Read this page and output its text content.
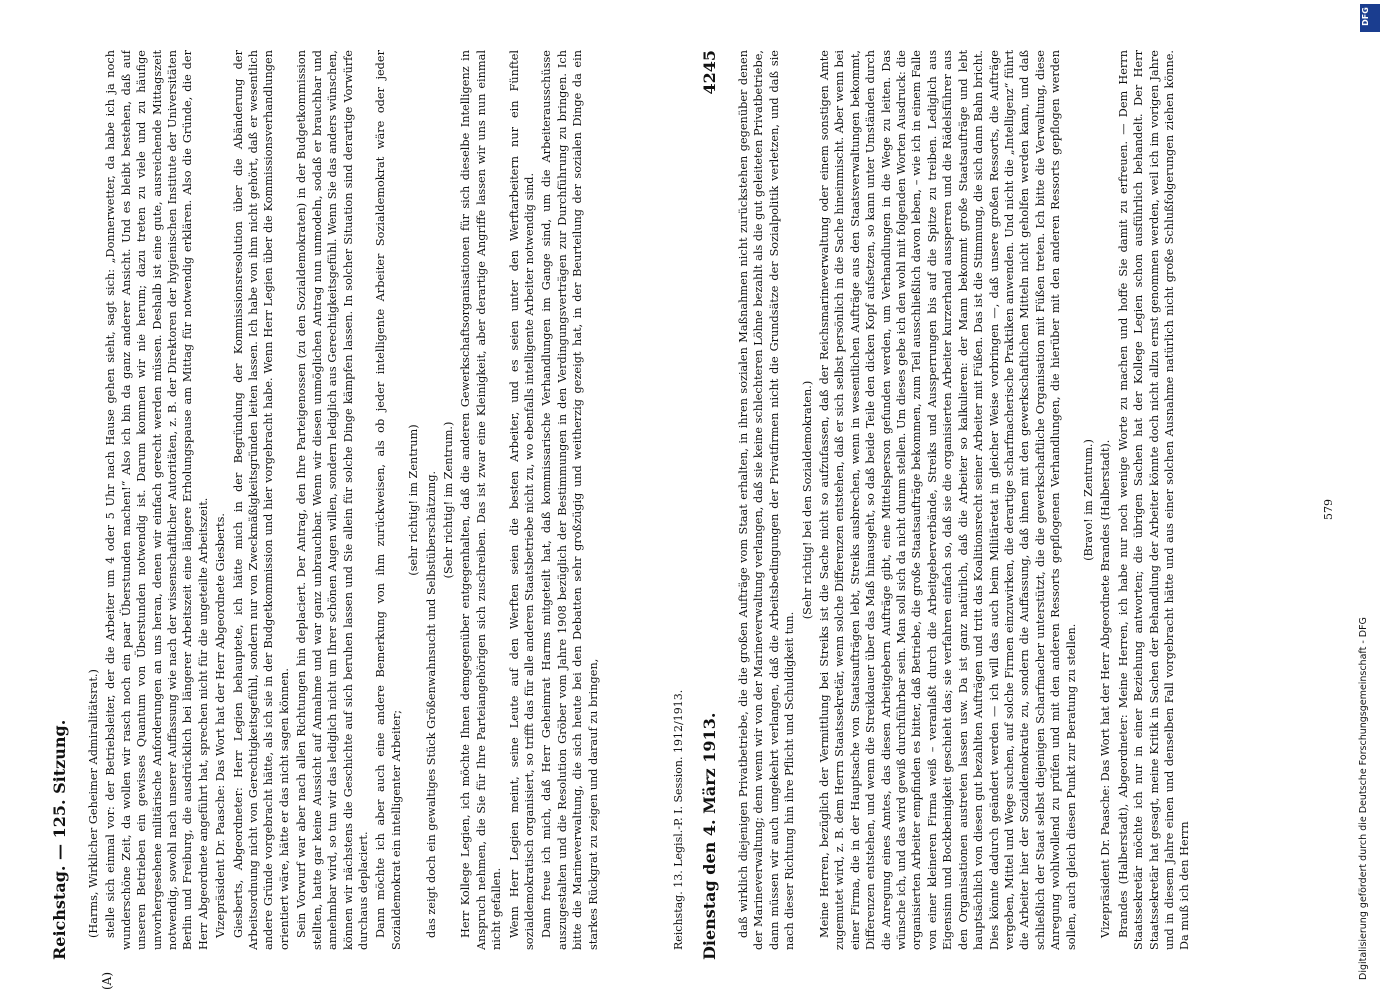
Reichstag. — 125. Sitzung. (Harms, Wirklicher Geheimer Admiralitätsrat.) stelle sich einmal vor: der Betriebsleiter, der die Arbeiter um 4 oder 5 Uhr nach Hause gehen sieht, sagt sich: „Donnerwetter, da habe ich ja noch wunderschöne Zeit, da wollen wir rasch noch ein paar Überstunden machen!“ Also ich bin da ganz anderer Ansicht. Und es bleibt bestehen, daß auf unseren Betrieben ein gewisses Quantum von Überstunden notwendig ist. Darum kommen wir nie herum; dazu treten zu viele und zu häufige unvorhergesehene militärische Anforderungen an uns heran, denen wir einfach gerecht werden müssen. Deshalb ist eine gute, ausreichende Mittagszeit notwendig, sowohl nach unserer Auffassung wie nach der wissenschaftlicher Autoritäten, z. B. der Direktoren der hygienischen Institute der Universitäten Berlin und Freiburg, die ausdrücklich bei längerer Arbeitszeit eine längere Erholungspause am Mittag für notwendig erklären. Also die Gründe, die der Herr Abgeordnete angeführt hat, sprechen nicht für die ungeteilte Arbeitszeit. Vizepräsident Dr. Paasche: Das Wort hat der Herr Abgeordnete Giesberts. Giesberts, Abgeordneter: Herr Legien behauptete, ich hätte mich in der Begründung der Kommissionsresolution über die Abänderung der Arbeitsordnung nicht von Gerechtigkeitsgefühl, sondern nur von Zweckmäßigkeitsgründen leiten lassen. Ich habe von ihm nicht gehört, daß er wesentlich andere Gründe vorgebracht hätte, als ich sie in der Budgetkommission und hier vorgebracht habe. Wenn Herr Legien über die Kommissionsverhandlungen orientiert wäre, hätte er das nicht sagen können. Sein Vorwurf war aber nach allen Richtungen hin deplaciert. Der Antrag, den Ihre Parteigenossen (zu den Sozialdemokraten) in der Budgetkommission stellten, hatte gar keine Aussicht auf Annahme und war ganz unbrauchbar. Wenn wir diesen unmöglichen Antrag nun unmodeln, sodaß er brauchbar und annehmbar wird, so tun wir das lediglich nicht um Ihrer schönen Augen willen, sondern lediglich aus Gerechtigkeitsgefühl. Wenn Sie das anders wünschen, können wir nächstens die Geschichte auf sich beruhen lassen und Sie allein für solche Dinge kämpfen lassen. In solcher Situation sind derartige Vorwürfe durchaus deplaciert. Dann möchte ich aber auch eine andere Bemerkung von ihm zurückweisen, als ob jeder intelligente Arbeiter Sozialdemokrat wäre oder jeder Sozialdemokrat ein intelligenter Arbeiter;

(sehr richtig! im Zentrum) das zeigt doch ein gewaltiges Stück Größenwahnsucht und Selbstüberschätzung. (Sehr richtig! im Zentrum.) Herr Kollege Legien, ich möchte Ihnen demgegenüber entgegenhalten, daß die anderen Gewerkschaftsorganisationen für sich dieselbe Intelligenz in Anspruch nehmen, die Sie für Ihre Parteiangehörigen sich zuschreiben. Das ist zwar eine Kleinigkeit, aber derartige Angriffe lassen wir uns nun einmal nicht gefallen. Wenn Herr Legien meint, seine Leute auf den Werften seien die besten Arbeiter, und es seien unter den Werftarbeitern nur ein Fünftel sozialdemokratisch organisiert, so trifft das für alle anderen Staatsbetriebe nicht zu, wo ebenfalls intelligente Arbeiter notwendig sind. Dann freue ich mich, daß Herr Geheimrat Harms mitgeteilt hat, daß kommissarische Verhandlungen im Gange sind, um die Arbeiterausschüsse auszugestalten und die Resolution Gröber vom Jahre 1908 bezüglich der Bestimmungen in den Verdingungsverträgen zur Durchführung zu bringen. Ich bitte die Marineverwaltung, die sich heute bei den Debatten sehr großzügig und weitherzig gezeigt hat, in der Beurteilung der sozialen Dinge da ein starkes Rückgrat zu zeigen und darauf zu bringen,

(A)
Reichstag. 13. Legisl.-P. I. Session. 1912/1913. Dienstag den 4. März 1913.
4245 daß wirklich diejenigen Privatbetriebe, die die großen Aufträge vom Staat erhalten, in ihren sozialen Maßnahmen nicht zurückstehen gegenüber denen der Marineverwaltung; denn wenn wir von der Marineverwaltung verlangen, daß sie keine schlechteren Löhne bezahlt als die gut geleiteten Privatbetriebe, dann müssen wir auch umgekehrt verlangen, daß die Arbeitsbedingungen der Privatfirmen nicht die Grundsätze der Sozialpolitik verletzen, und daß sie nach dieser Richtung hin ihre Pflicht und Schuldigkeit tun.

(Sehr richtig! bei den Sozialdemokraten.) Meine Herren, bezüglich der Vermittlung bei Streiks ist die Sache nicht so aufzufassen, daß der Reichsmarineverwaltung oder einem sonstigen Amte zugemutet wird, z. B. dem Herrn Staatssekretär, wenn solche Differenzen entstehen, daß er sich selbst persönlich in die Sache hineinmischt. Aber wenn bei einer Firma, die in der Hauptsache von Staatsaufträgen lebt, Streiks ausbrechen, wenn in wesentlichen Aufträge aus den Staatsverwaltungen bekommt, Differenzen entstehen, und wenn die Streikdauer über das Maß hinausgeht, so daß beide Teile den dicken Kopf aufsetzen, so kann unter Umständen durch die Anregung eines Amtes, das diesen Arbeitgebern Aufträge gibt, eine Mittelsperson gefunden werden, um Verhandlungen in die Wege zu leiten. Das wünsche ich, und das wird gewiß durchführbar sein. Man soll sich da nicht dumm stellen. Um dieses gebe ich den wohl mit folgenden Worten Ausdruck: die organisierten Arbeiter empfinden es bitter, daß Betriebe, die große Staatsaufträge bekommen, zum Teil ausschließlich davon leben, – wie ich in einem Falle von einer kleineren Firma weiß – veranlaßt durch die Arbeitgeberverbände, Streiks und Aussperrungen bis auf die Spitze zu treiben. Lediglich aus Eigensinn und Bockbeinigkeit geschieht das; sie verfahren einfach so, daß sie die organisierten Arbeiter kurzerhand aussperren und die Rädelsführer aus den Organisationen austreten lassen usw. Da ist ganz natürlich, daß die Arbeiter so kalkulieren: der Mann bekommt große Staatsaufträge und lebt hauptsächlich von diesen gut bezahlten Aufträgen und tritt das Koalitionsrecht seiner Arbeiter mit Füßen. Das ist die Stimmung, die sich dann Bahn bricht. Dies könnte dadurch geändert werden — ich will das auch beim Militäretat in gleicher Weise vorbringen —, daß unsere großen Ressorts, die Aufträge vergeben, Mittel und Wege suchen, auf solche Firmen einzuwirken, die derartige scharfmacherische Praktiken anwenden. Und nicht die „Intelligenz“ führt die Arbeiter hier der Sozialdemokratie zu, sondern die Auffassung, daß ihnen mit den gewerkschaftlichen Mitteln nicht geholfen werden kann, und daß schließlich der Staat selbst diejenigen Scharfmacher unterstützt, die die gewerkschaftliche Organisation mit Füßen treten. Ich bitte die Verwaltung, diese Anregung wohlwollend zu prüfen und mit den anderen Ressorts gepflogenen Verhandlungen, die hierüber mit den anderen Ressorts gepflogen werden sollen, auch gleich diesen Punkt zur Beratung zu stellen.

(Bravo! im Zentrum.) Vizepräsident Dr. Paasche: Das Wort hat der Herr Abgeordnete Brandes (Halberstadt). Brandes (Halberstadt), Abgeordneter: Meine Herren, ich habe nur noch wenige Worte zu machen und hoffe Sie damit zu erfreuen. — Dem Herrn Staatssekretär möchte ich nur in einer Beziehung antworten; die übrigen Sachen hat der Kollege Legien schon ausführlich behandelt. Der Herr Staatssekretär hat gesagt, meine Kritik in Sachen der Behandlung der Arbeiter könnte doch nicht allzu ernst genommen werden, weil ich im vorigen Jahre und in diesem Jahre einen und denselben Fall vorgebracht hätte und aus einer solchen Ausnahme natürlich nicht große Schlußfolgerungen ziehen könne. Da muß ich den Herrn

579
DFG
Digitalisierung gefördert durch die Deutsche Forschungsgemeinschaft - DFG
